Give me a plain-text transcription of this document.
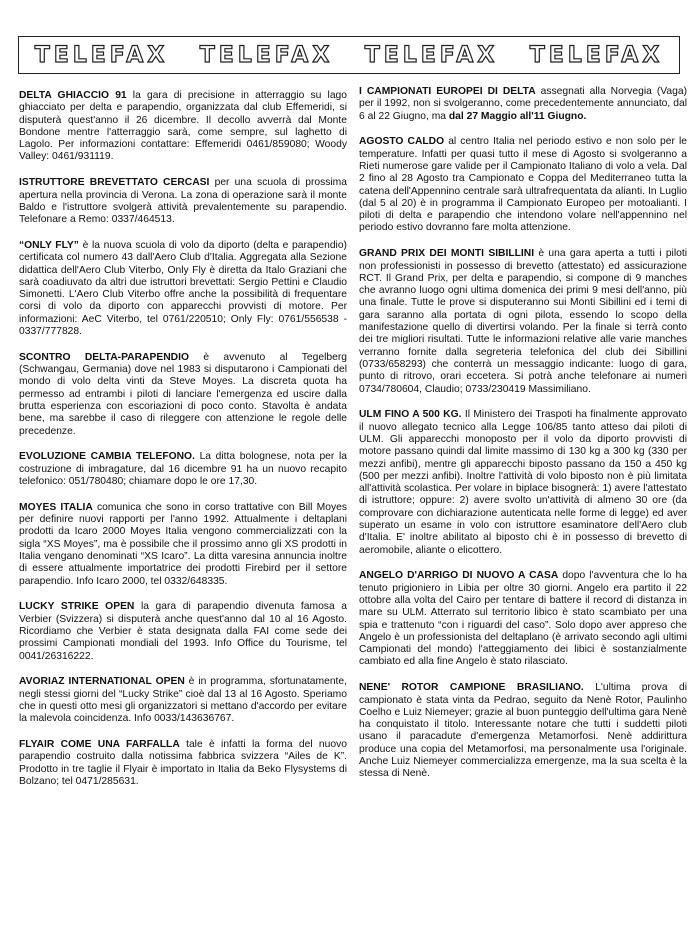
TELEFAX TELEFAX TELEFAX TELEFAX

DELTA GHIACCIO 91 la gara di precisione in atterraggio su lago ghiacciato per delta e parapendio, organizzata dal club Effemeridi, si disputerà quest'anno il 26 dicembre. Il decollo avverrà dal Monte Bondone mentre l'atterraggio sarà, come sempre, sul laghetto di Lagolo. Per informazioni contattare: Effemeridi 0461/859080; Woody Valley: 0461/931119.

ISTRUTTORE BREVETTATO CERCASI per una scuola di prossima apertura nella provincia di Verona. La zona di operazione sarà il monte Baldo e l'istruttore svolgerà attività prevalentemente su parapendio. Telefonare a Remo: 0337/464513.

“ONLY FLY” è la nuova scuola di volo da diporto (delta e parapendio) certificata col numero 43 dall'Aero Club d'Italia. Aggregata alla Sezione didattica dell'Aero Club Viterbo, Only Fly è diretta da Italo Graziani che sarà coadiuvato da altri due istruttori brevettati: Sergio Pettini e Claudio Simonetti. L'Aero Club Viterbo offre anche la possibilità di frequentare corsi di volo da diporto con apparecchi provvisti di motore. Per informazioni: AeC Viterbo, tel 0761/220510; Only Fly: 0761/556538 - 0337/777828.

SCONTRO DELTA-PARAPENDIO è avvenuto al Tegelberg (Schwangau, Germania) dove nel 1983 si disputarono i Campionati del mondo di volo delta vinti da Steve Moyes. La discreta quota ha permesso ad entrambi i piloti di lanciare l'emergenza ed uscire dalla brutta esperienza con escoriazioni di poco conto. Stavolta è andata bene, ma sarebbe il caso di rileggere con attenzione le regole delle precedenze.

EVOLUZIONE CAMBIA TELEFONO. La ditta bolognese, nota per la costruzione di imbragature, dal 16 dicembre 91 ha un nuovo recapito telefonico: 051/780480; chiamare dopo le ore 17,30.

MOYES ITALIA comunica che sono in corso trattative con Bill Moyes per definire nuovi rapporti per l'anno 1992. Attualmente i deltaplani prodotti da Icaro 2000 Moyes Italia vengono commercializzati con la sigla “XS Moyes”, ma è possibile che il prossimo anno gli XS prodotti in Italia vengano denominati “XS Icaro”. La ditta varesina annuncia inoltre di essere attualmente importatrice dei prodotti Firebird per il settore parapendio. Info Icaro 2000, tel 0332/648335.

LUCKY STRIKE OPEN la gara di parapendio divenuta famosa a Verbier (Svizzera) si disputerà anche quest'anno dal 10 al 16 Agosto. Ricordiamo che Verbier è stata designata dalla FAI come sede dei prossimi Campionati mondiali del 1993. Info Office du Tourisme, tel 0041/26316222.

AVORIAZ INTERNATIONAL OPEN è in programma, sfortunatamente, negli stessi giorni del “Lucky Strike” cioè dal 13 al 16 Agosto. Speriamo che in questi otto mesi gli organizzatori si mettano d'accordo per evitare la malevola coincidenza. Info 0033/143636767.

FLYAIR COME UNA FARFALLA tale è infatti la forma del nuovo parapendio costruito dalla notissima fabbrica svizzera “Ailes de K”. Prodotto in tre taglie il Flyair è importato in Italia da Beko Flysystems di Bolzano; tel 0471/285631.

I CAMPIONATI EUROPEI DI DELTA assegnati alla Norvegia (Vaga) per il 1992, non si svolgeranno, come precedentemente annunciato, dal 6 al 22 Giugno, ma dal 27 Maggio all'11 Giugno.

AGOSTO CALDO al centro Italia nel periodo estivo e non solo per le temperature. Infatti per quasi tutto il mese di Agosto si svolgeranno a Rieti numerose gare valide per il Campionato Italiano di volo a vela. Dal 2 fino al 28 Agosto tra Campionato e Coppa del Mediterraneo tutta la catena dell'Appennino centrale sarà ultrafrequentata da alianti. In Luglio (dal 5 al 20) è in programma il Campionato Europeo per motoalianti. I piloti di delta e parapendio che intendono volare nell'appennino nel periodo estivo dovranno fare molta attenzione.

GRAND PRIX DEI MONTI SIBILLINI è una gara aperta a tutti i piloti non professionisti in possesso di brevetto (attestato) ed assicurazione RCT. Il Grand Prix, per delta e parapendio, si compone di 9 manches che avranno luogo ogni ultima domenica dei primi 9 mesi dell'anno, più una finale. Tutte le prove si disputeranno sui Monti Sibillini ed i temi di gara saranno alla portata di ogni pilota, essendo lo scopo della manifestazione quello di divertirsi volando. Per la finale si terrà conto dei tre migliori risultati. Tutte le informazioni relative alle varie manches verranno fornite dalla segreteria telefonica del club dei Sibillini (0733/658293) che conterrà un messaggio indicante: luogo di gara, punto di ritrovo, orari eccetera. Si potrà anche telefonare ai numeri 0734/780604, Claudio; 0733/230419 Massimiliano.

ULM FINO A 500 KG. Il Ministero dei Traspoti ha finalmente approvato il nuovo allegato tecnico alla Legge 106/85 tanto atteso dai piloti di ULM. Gli apparecchi monoposto per il volo da diporto provvisti di motore passano quindi dal limite massimo di 130 kg a 300 kg (330 per mezzi anfibi), mentre gli apparecchi biposto passano da 150 a 450 kg (500 per mezzi anfibi). Inoltre l'attività di volo biposto non è più limitata all'attività scolastica. Per volare in biplace bisognerà: 1) avere l'attestato di istruttore; oppure: 2) avere svolto un'attività di almeno 30 ore (da comprovare con dichiarazione autenticata nelle forme di legge) ed aver superato un esame in volo con istruttore esaminatore dell'Aero club d'Italia. E' inoltre abilitato al biposto chi è in possesso di brevetto di aeromobile, aliante o elicottero.

ANGELO D'ARRIGO DI NUOVO A CASA dopo l'avventura che lo ha tenuto prigioniero in Libia per oltre 30 giorni. Angelo era partito il 22 ottobre alla volta del Cairo per tentare di battere il record di distanza in mare su ULM. Atterrato sul territorio libico è stato scambiato per una spia e trattenuto “con i riguardi del caso”. Solo dopo aver appreso che Angelo è un professionista del deltaplano (è arrivato secondo agli ultimi Campionati del mondo) l'atteggiamento dei libici è sostanzialmente cambiato ed alla fine Angelo è stato rilasciato.

NENE' ROTOR CAMPIONE BRASILIANO. L'ultima prova di campionato è stata vinta da Pedrao, seguito da Nenè Rotor, Paulinho Coelho e Luiz Niemeyer; grazie al buon punteggio dell'ultima gara Nenè ha conquistato il titolo. Interessante notare che tutti i suddetti piloti usano il paracadute d'emergenza Metamorfosi. Nenè addirittura produce una copia del Metamorfosi, ma personalmente usa l'originale. Anche Luiz Niemeyer commercializza emergenze, ma la sua scelta è la stessa di Nenè.
